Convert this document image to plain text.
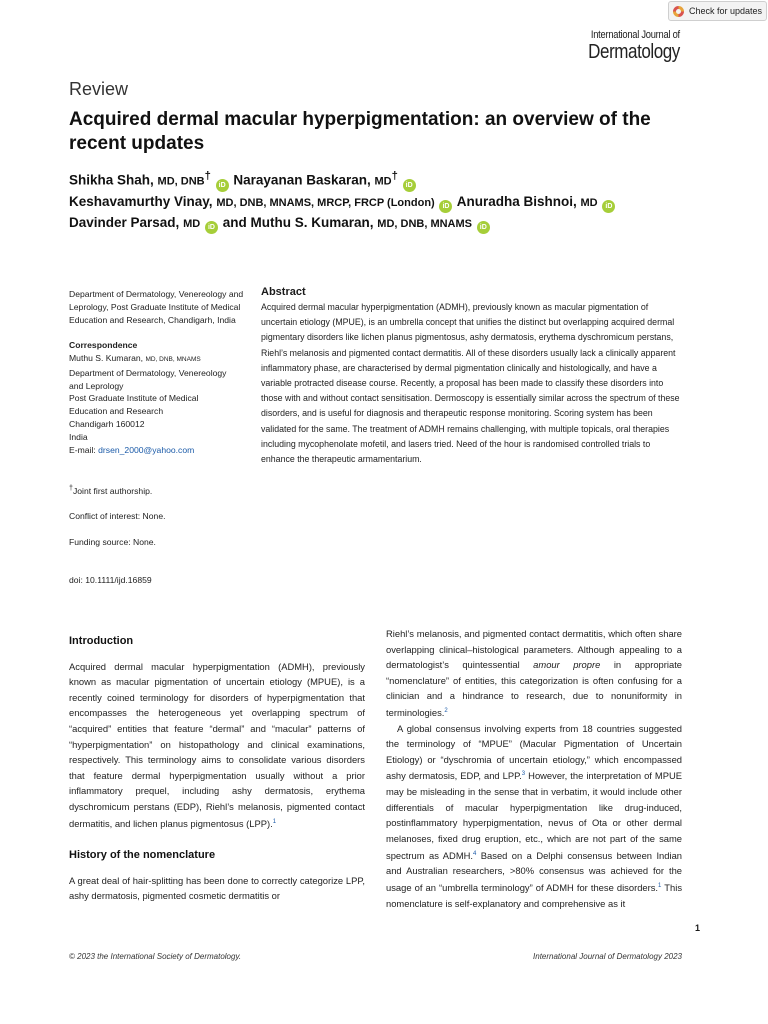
Check for updates
International Journal of
Dermatology
Review
Acquired dermal macular hyperpigmentation: an overview of the recent updates
Shikha Shah, MD, DNB† iD Narayanan Baskaran, MD† iD
Keshavamurthy Vinay, MD, DNB, MNAMS, MRCP, FRCP (London) iD Anuradha Bishnoi, MD iD
Davinder Parsad, MD iD and Muthu S. Kumaran, MD, DNB, MNAMS iD
Department of Dermatology, Venereology and Leprology, Post Graduate Institute of Medical Education and Research, Chandigarh, India

Correspondence
Muthu S. Kumaran, MD, DNB, MNAMS
Department of Dermatology, Venereology
and Leprology
Post Graduate Institute of Medical
Education and Research
Chandigarh 160012
India
E-mail: drsen_2000@yahoo.com

†Joint first authorship.

Conflict of interest: None.

Funding source: None.

doi: 10.1111/ijd.16859
Abstract

Acquired dermal macular hyperpigmentation (ADMH), previously known as macular pigmentation of uncertain etiology (MPUE), is an umbrella concept that unifies the distinct but overlapping acquired dermal pigmentary disorders like lichen planus pigmentosus, ashy dermatosis, erythema dyschromicum perstans, Riehl’s melanosis and pigmented contact dermatitis. All of these disorders usually lack a clinically apparent inflammatory phase, are characterised by dermal pigmentation clinically and histologically, and have a variable protracted disease course. Recently, a proposal has been made to classify these disorders into those with and without contact sensitisation. Dermoscopy is essentially similar across the spectrum of these disorders, and is useful for diagnosis and therapeutic response monitoring. Scoring system has been validated for the same. The treatment of ADMH remains challenging, with multiple topicals, oral therapies including mycophenolate mofetil, and lasers tried. Need of the hour is randomised controlled trials to enhance the therapeutic armamentarium.

Introduction

Acquired dermal macular hyperpigmentation (ADMH), previously known as macular pigmentation of uncertain etiology (MPUE), is a recently coined terminology for disorders of hyperpigmentation that encompasses the heterogeneous yet overlapping spectrum of “acquired” entities that feature “dermal” and “macular” patterns of “hyperpigmentation” on histopathology and clinical examinations, respectively. This terminology aims to consolidate various disorders that feature dermal hyperpigmentation usually without a prior inflammatory prequel, including ashy dermatosis, erythema dyschromicum perstans (EDP), Riehl’s melanosis, pigmented contact dermatitis, and lichen planus pigmentosus (LPP).$^1$

History of the nomenclature

A great deal of hair-splitting has been done to correctly categorize LPP, ashy dermatosis, pigmented cosmetic dermatitis or

Riehl’s melanosis, and pigmented contact dermatitis, which often share overlapping clinical–histological parameters. Although appealing to a dermatologist’s quintessential amour propre in appropriate “nomenclature” of entities, this categorization is often confusing for a clinician and a hindrance to research, due to nonuniformity in terminologies.$^2$

A global consensus involving experts from 18 countries suggested the terminology of “MPUE” (Macular Pigmentation of Uncertain Etiology) or “dyschromia of uncertain etiology,” which encompassed ashy dermatosis, EDP, and LPP.$^3$ However, the interpretation of MPUE may be misleading in the sense that in verbatim, it would include other differentials of macular hyperpigmentation like drug-induced, postinflammatory hyperpigmentation, nevus of Ota or other dermal melanoses, fixed drug eruption, etc., which are not part of the same spectrum as ADMH.$^4$ Based on a Delphi consensus between Indian and Australian researchers, >80% consensus was achieved for the usage of an “umbrella terminology” of ADMH for these disorders.$^1$ This nomenclature is self-explanatory and comprehensive as it

1
© 2023 the International Society of Dermatology.	International Journal of Dermatology 2023
